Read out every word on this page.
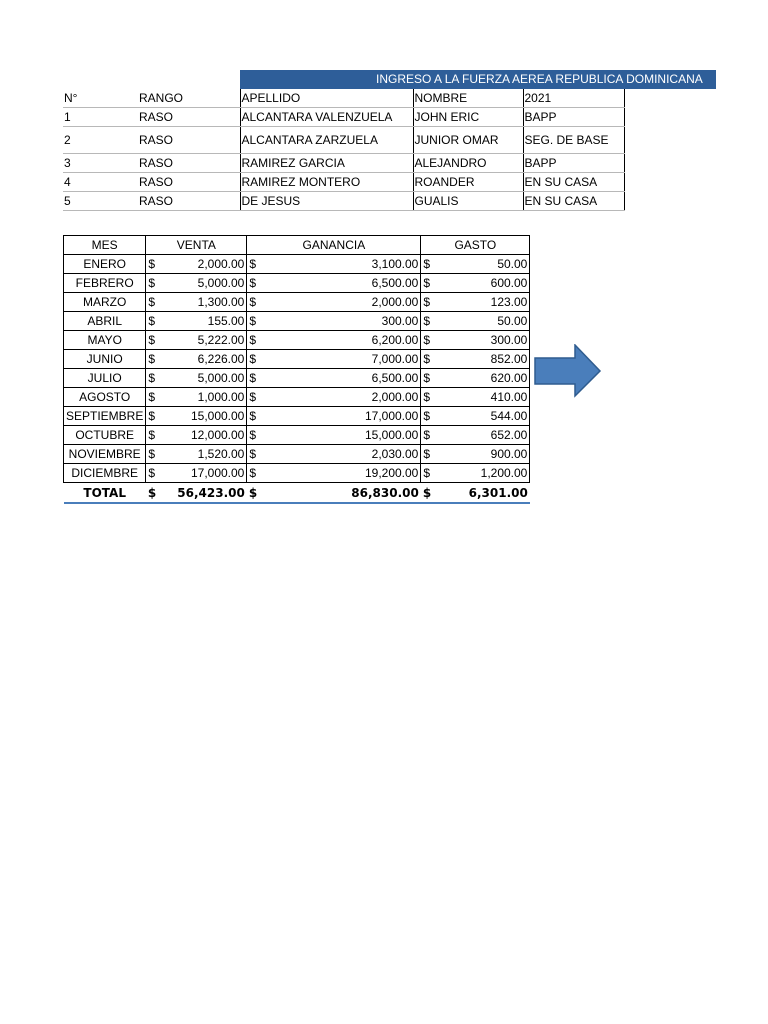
INGRESO A LA FUERZA AEREA REPUBLICA DOMINICANA
N°	RANGO	APELLIDO	NOMBRE	2021
1	RASO	ALCANTARA VALENZUELA	JOHN ERIC	BAPP
2	RASO	ALCANTARA ZARZUELA	JUNIOR OMAR	SEG. DE BASE
3	RASO	RAMIREZ GARCIA	ALEJANDRO	BAPP
4	RASO	RAMIREZ MONTERO	ROANDER	EN SU CASA
5	RASO	DE JESUS	GUALIS	EN SU CASA
MES	VENTA	GANANCIA	GASTO
ENERO	$ 2,000.00	$ 3,100.00	$ 50.00

FEBRERO	$ 5,000.00	$ 6,500.00	$ 600.00

MARZO	$ 1,300.00	$ 2,000.00	$ 123.00

ABRIL	$ 155.00	$ 300.00	$ 50.00

MAYO	$ 5,222.00	$ 6,200.00	$ 300.00

JUNIO	$ 6,226.00	$ 7,000.00	$ 852.00

JULIO	$ 5,000.00	$ 6,500.00	$ 620.00

AGOSTO	$ 1,000.00	$ 2,000.00	$ 410.00

SEPTIEMBRE	$ 15,000.00	$ 17,000.00	$ 544.00

OCTUBRE	$ 12,000.00	$ 15,000.00	$ 652.00

NOVIEMBRE	$ 1,520.00	$ 2,030.00	$ 900.00

DICIEMBRE	$ 17,000.00	$ 19,200.00	$ 1,200.00

TOTAL	$ 56,423.00	$ 86,830.00	$ 6,301.00
